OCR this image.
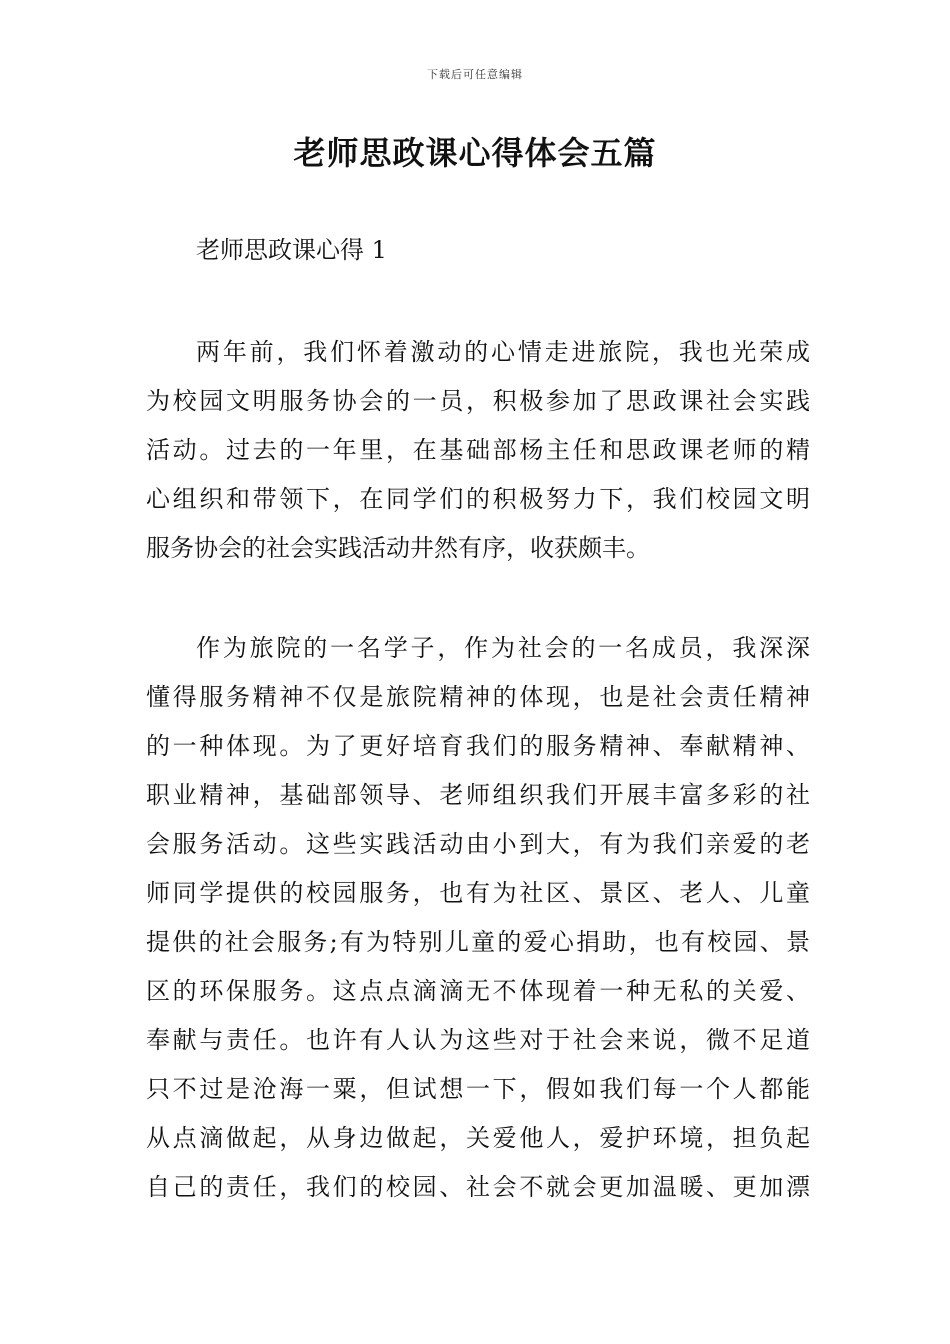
下载后可任意编辑
老师思政课心得体会五篇
老师思政课心得 1
两年前，我们怀着激动的心情走进旅院，我也光荣成
为校园文明服务协会的一员，积极参加了思政课社会实践
活动。过去的一年里，在基础部杨主任和思政课老师的精
心组织和带领下，在同学们的积极努力下，我们校园文明
服务协会的社会实践活动井然有序，收获颇丰。
作为旅院的一名学子，作为社会的一名成员，我深深
懂得服务精神不仅是旅院精神的体现，也是社会责任精神
的一种体现。为了更好培育我们的服务精神、奉献精神、
职业精神，基础部领导、老师组织我们开展丰富多彩的社
会服务活动。这些实践活动由小到大，有为我们亲爱的老
师同学提供的校园服务，也有为社区、景区、老人、儿童
提供的社会服务;有为特别儿童的爱心捐助，也有校园、景
区的环保服务。这点点滴滴无不体现着一种无私的关爱、
奉献与责任。也许有人认为这些对于社会来说，微不足道
只不过是沧海一粟，但试想一下，假如我们每一个人都能
从点滴做起，从身边做起，关爱他人，爱护环境，担负起
自己的责任，我们的校园、社会不就会更加温暖、更加漂
